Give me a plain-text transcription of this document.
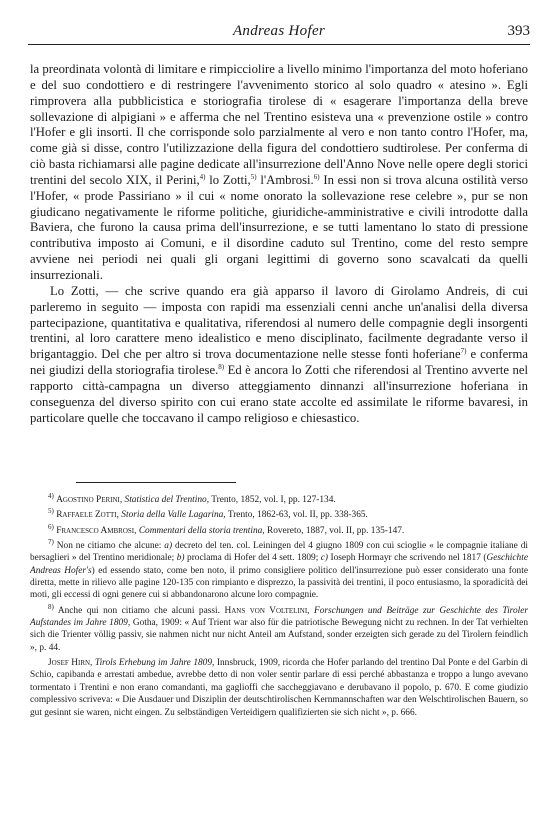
Andreas Hofer	393

la preordinata volontà di limitare e rimpicciolire a livello minimo l'importanza del moto hoferiano e del suo condottiero e di restringere l'avvenimento storico al solo quadro « atesino ». Egli rimprovera alla pubblicistica e storiografia tirolese di « esagerare l'importanza della breve sollevazione di alpigiani » e afferma che nel Trentino esisteva una « prevenzione ostile » contro l'Hofer e gli insorti. Il che corrisponde solo parzialmente al vero e non tanto contro l'Hofer, ma, come già si disse, contro l'utilizzazione della figura del condottiero sudtirolese. Per conferma di ciò basta richiamarsi alle pagine dedicate all'insurrezione dell'Anno Nove nelle opere degli storici trentini del secolo XIX, il Perini,$^{4)}$ lo Zotti,$^{5)}$ l'Ambrosi.$^{6)}$ In essi non si trova alcuna ostilità verso l'Hofer, « prode Passiriano » il cui « nome onorato la sollevazione rese celebre », pur se non giudicano negativamente le riforme politiche, giuridiche-amministrative e civili introdotte dalla Baviera, che furono la causa prima dell'insurrezione, e se tutti lamentano lo stato di pressione contributiva imposto ai Comuni, e il disordine caduto sul Trentino, come del resto sempre avviene nei periodi nei quali gli organi legittimi di governo sono scavalcati da quelli insurrezionali.

Lo Zotti, — che scrive quando era già apparso il lavoro di Girolamo Andreis, di cui parleremo in seguito — imposta con rapidi ma essenziali cenni anche un'analisi della diversa partecipazione, quantitativa e qualitativa, riferendosi al numero delle compagnie degli insorgenti trentini, al loro carattere meno idealistico e meno disciplinato, facilmente degradante verso il brigantaggio. Del che per altro si trova documentazione nelle stesse fonti hoferiane$^{7)}$ e conferma nei giudizi della storiografia tirolese.$^{8)}$ Ed è ancora lo Zotti che riferendosi al Trentino avverte nel rapporto città-campagna un diverso atteggiamento dinnanzi all'insurrezione hoferiana in conseguenza del diverso spirito con cui erano state accolte ed assimilate le riforme bavaresi, in particolare quelle che toccavano il campo religioso e chiesastico.

$^{4)}$ Agostino Perini, Statistica del Trentino, Trento, 1852, vol. I, pp. 127-134.

$^{5)}$ Raffaele Zotti, Storia della Valle Lagarina, Trento, 1862-63, vol. II, pp. 338-365.

$^{6)}$ Francesco Ambrosi, Commentari della storia trentina, Rovereto, 1887, vol. II, pp. 135-147.

$^{7)}$ Non ne citiamo che alcune: a) decreto del ten. col. Leiningen del 4 giugno 1809 con cui scioglie « le compagnie italiane di bersaglieri » del Trentino meridionale; b) proclama di Hofer del 4 sett. 1809; c) Ioseph Hormayr che scrivendo nel 1817 (Geschichte Andreas Hofer's) ed essendo stato, come ben noto, il primo consigliere politico dell'insurrezione può esser considerato una fonte diretta, mette in rilievo alle pagine 120-135 con rimpianto e disprezzo, la passività dei trentini, il poco entusiasmo, la sporadicità dei moti, gli eccessi di ogni genere cui si abbandonarono alcune loro compagnie.

$^{8)}$ Anche qui non citiamo che alcuni passi. Hans von Voltelini, Forschungen und Beiträge zur Geschichte des Tiroler Aufstandes im Jahre 1809, Gotha, 1909: « Auf Trient war also für die patriotische Bewegung nicht zu rechnen. In der Tat verhielten sich die Trienter völlig passiv, sie nahmen nicht nur nicht Anteil am Aufstand, sonder erzeigten sich gerade zu del Tirolern feindlich », p. 44.

Josef Hirn, Tirols Erhebung im Jahre 1809, Innsbruck, 1909, ricorda che Hofer parlando del trentino Dal Ponte e del Garbin di Schio, capibanda e arrestati ambedue, avrebbe detto di non voler sentir parlare di essi perché abbastanza e troppo a lungo avevano tormentato i Trentini e non erano comandanti, ma gaglioffi che saccheggiavano e derubavano il popolo, p. 670. E come giudizio complessivo scriveva: « Die Ausdauer und Disziplin der deutschtirolischen Kernmannschaften war den Welschtirolischen Bauern, so gut gesinnt sie waren, nicht eingen. Zu selbständigen Verteidigern qualifizierten sie sich nicht », p. 666.
